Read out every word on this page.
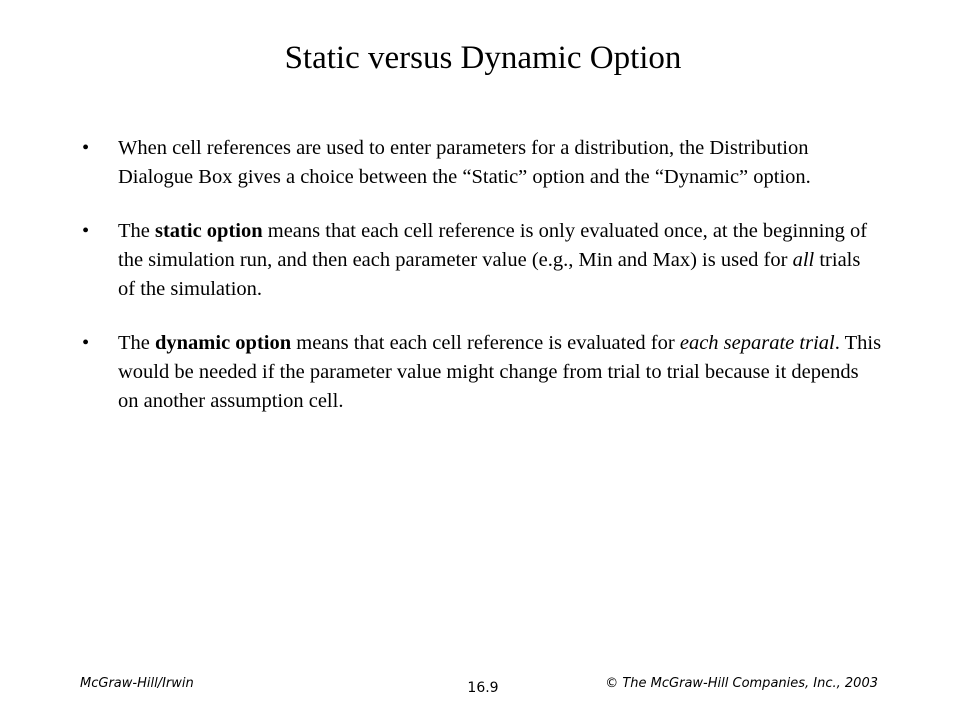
Static versus Dynamic Option
• When cell references are used to enter parameters for a distribution, the Distribution Dialogue Box gives a choice between the “Static” option and the “Dynamic” option.
• The static option means that each cell reference is only evaluated once, at the beginning of the simulation run, and then each parameter value (e.g., Min and Max) is used for all trials of the simulation.
• The dynamic option means that each cell reference is evaluated for each separate trial. This would be needed if the parameter value might change from trial to trial because it depends on another assumption cell.
McGraw-Hill/Irwin	16.9	© The McGraw-Hill Companies, Inc., 2003
